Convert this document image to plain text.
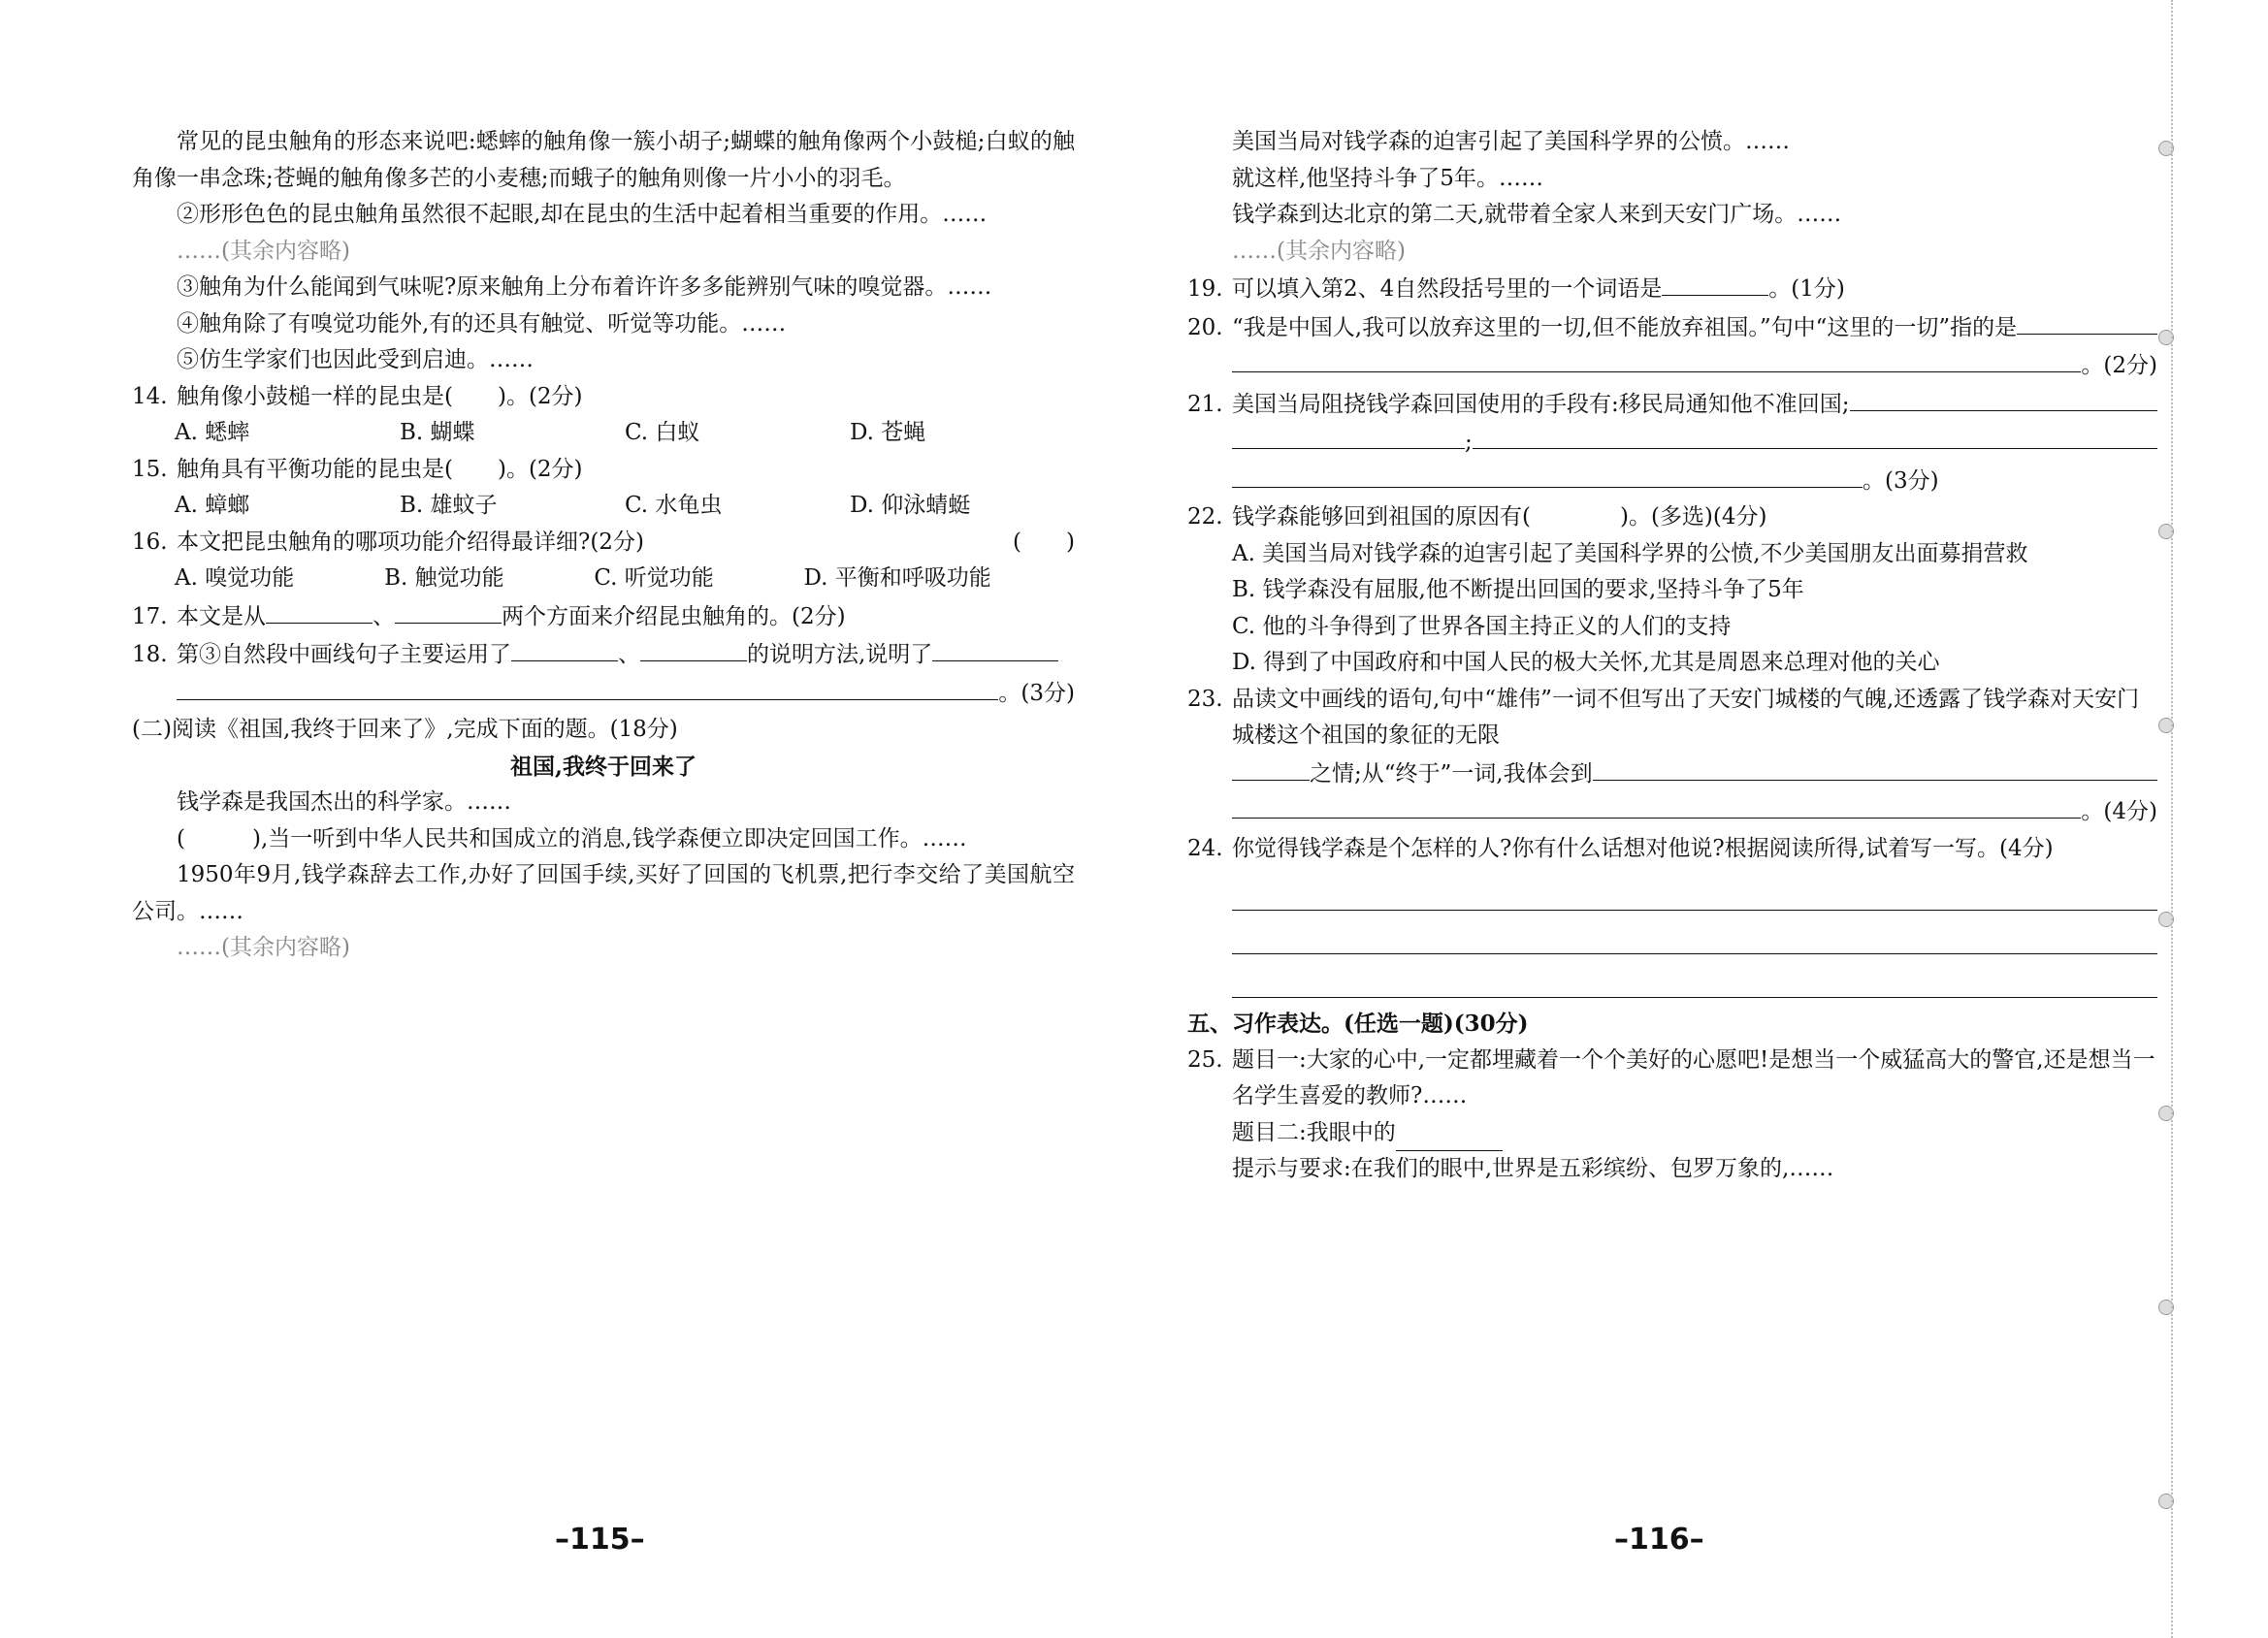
常见的昆虫触角的形态来说吧:蟋蟀的触角像一簇小胡子;蝴蝶的触角像两个小鼓槌;白蚁的触角像一串念珠;苍蝇的触角像多芒的小麦穗;而蛾子的触角则像一片小小的羽毛。

②形形色色的昆虫触角虽然很不起眼,却在昆虫的生活中起着相当重要的作用。……

……(其余内容略)

③触角为什么能闻到气味呢?原来触角上分布着许许多多能辨别气味的嗅觉器。……

④触角除了有嗅觉功能外,有的还具有触觉、听觉等功能。……

⑤仿生学家们也因此受到启迪。……

14. 触角像小鼓槌一样的昆虫是(　　)。(2分)
A. 蟋蟀	B. 蝴蝶	C. 白蚁	D. 苍蝇
15. 触角具有平衡功能的昆虫是(　　)。(2分)
A. 蟑螂	B. 雄蚊子	C. 水龟虫	D. 仰泳蜻蜓
16. 本文把昆虫触角的哪项功能介绍得最详细?(2分)	(　　)
A. 嗅觉功能	B. 触觉功能	C. 听觉功能	D. 平衡和呼吸功能
17. 本文是从	、	两个方面来介绍昆虫触角的。(2分)
18. 第③自然段中画线句子主要运用了	、	的说明方法,说明了
。(3分)

(二)阅读《祖国,我终于回来了》,完成下面的题。(18分)

祖国,我终于回来了

钱学森是我国杰出的科学家。……

(　　　),当一听到中华人民共和国成立的消息,钱学森便立即决定回国工作。……

1950年9月,钱学森辞去工作,办好了回国手续,买好了回国的飞机票,把行李交给了美国航空公司。……

……(其余内容略)

–115–

美国当局对钱学森的迫害引起了美国科学界的公愤。……

就这样,他坚持斗争了5年。……

钱学森到达北京的第二天,就带着全家人来到天安门广场。……

……(其余内容略)

19. 可以填入第2、4自然段括号里的一个词语是	。(1分)
20. “我是中国人,我可以放弃这里的一切,但不能放弃祖国。”句中“这里的一切”指的是
。(2分)
21. 美国当局阻挠钱学森回国使用的手段有:移民局通知他不准回国;
;
。(3分)
22. 钱学森能够回到祖国的原因有(　　　　)。(多选)(4分)

A. 美国当局对钱学森的迫害引起了美国科学界的公愤,不少美国朋友出面募捐营救

B. 钱学森没有屈服,他不断提出回国的要求,坚持斗争了5年

C. 他的斗争得到了世界各国主持正义的人们的支持

D. 得到了中国政府和中国人民的极大关怀,尤其是周恩来总理对他的关心

23. 品读文中画线的语句,句中“雄伟”一词不但写出了天安门城楼的气魄,还透露了钱学森对天安门城楼这个祖国的象征的无限
之情;从“终于”一词,我体会到
。(4分)
24. 你觉得钱学森是个怎样的人?你有什么话想对他说?根据阅读所得,试着写一写。(4分)

五、习作表达。(任选一题)(30分)

25. 题目一:大家的心中,一定都埋藏着一个个美好的心愿吧!是想当一个威猛高大的警官,还是想当一名学生喜爱的教师?……
题目二:我眼中的

提示与要求:在我们的眼中,世界是五彩缤纷、包罗万象的,……

–116–
